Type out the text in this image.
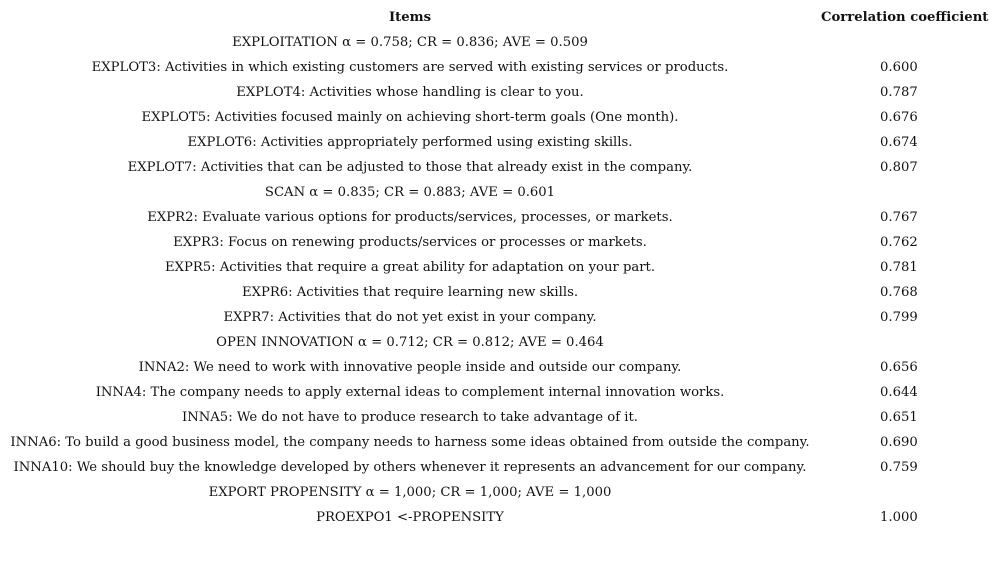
Items	Correlation coefficient
EXPLOITATION α = 0.758; CR = 0.836; AVE = 0.509	
EXPLOT3: Activities in which existing customers are served with existing services or products.	0.600
EXPLOT4: Activities whose handling is clear to you.	0.787
EXPLOT5: Activities focused mainly on achieving short-term goals (One month).	0.676
EXPLOT6: Activities appropriately performed using existing skills.	0.674
EXPLOT7: Activities that can be adjusted to those that already exist in the company.	0.807
SCAN α = 0.835; CR = 0.883; AVE = 0.601	
EXPR2: Evaluate various options for products/services, processes, or markets.	0.767
EXPR3: Focus on renewing products/services or processes or markets.	0.762
EXPR5: Activities that require a great ability for adaptation on your part.	0.781
EXPR6: Activities that require learning new skills.	0.768
EXPR7: Activities that do not yet exist in your company.	0.799
OPEN INNOVATION α = 0.712; CR = 0.812; AVE = 0.464	
INNA2: We need to work with innovative people inside and outside our company.	0.656
INNA4: The company needs to apply external ideas to complement internal innovation works.	0.644
INNA5: We do not have to produce research to take advantage of it.	0.651
INNA6: To build a good business model, the company needs to harness some ideas obtained from outside the company.	0.690
INNA10: We should buy the knowledge developed by others whenever it represents an advancement for our company.	0.759
EXPORT PROPENSITY α = 1,000; CR = 1,000; AVE = 1,000	
PROEXPO1 <-PROPENSITY	1.000
